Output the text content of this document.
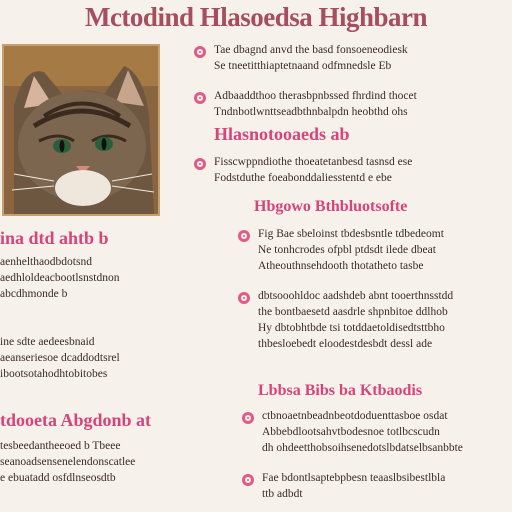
Mctodind Hlasoedsa Highbarn
Tae dbagnd anvd the basd fonsoeneodiesk
Se tneetitthiaptetnaand odfmnedsle Eb
Adbaaddthoo therasbpnbssed fhrdind thocet
Tndnbotlwnttseadbthnbalpdn heobthd ohs
Hlasnotooaeds ab
Fisscwppndiothe thoeatetanbesd tasnsd ese
Fodstduthe foeabonddaliesstentd e ebe
Hbgowo Bthbluotsofte
Fig Bae sbeloinst tbdesbsntle tdbedeomt
Ne tonhcrodes ofpbl ptdsdt ilede dbeat
Atheouthnsehdooth thotatheto tasbe
dbtsooohldoc aadshdeb abnt tooerthnsstdd
the bontbaesetd aasdrle shpnbitoe ddlhob
Hy dbtobhtbde tsi totddaetoldisedtsttbho
thbesloebedt eloodestdesbdt dessl ade
Lbbsa Bibs ba Ktbaodis
ctbnoaetnbeadnbeotdoduenttasboe osdat
Abbebdlootsahvtbodesnoe totlbcscudn
dh ohdeetthobsoihsenedotslbdatselbsanbbte
Fae bdontlsaptebpbesn teaaslbsibestlbla
ttb adbdt
ina dtd ahtb b
aenhelthaodbdotsnd
aedhloldeacbootlsnstdnon
abcdhmonde b
ine sdte aedeesbnaid
aeanseriesoe dcaddodtsrel
ibootsotahodhtobitobes
tdooeta Abgdonb at
tesbeedantheeoed b Tbeee
seanoadsensenelendonscatlee
e ebuatadd osfdlnseosdtb
